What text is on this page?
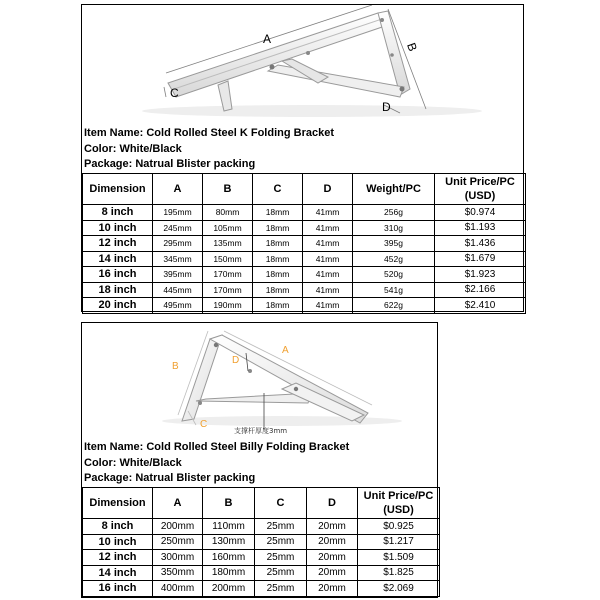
A
B
C
D
Item Name: Cold Rolled Steel K Folding Bracket
Color: White/Black
Package: Natrual Blister packing
Dimension	A	B	C	D	Weight/PC	Unit Price/PC
(USD)

8 inch	195mm	80mm	18mm	41mm	256g	$0.974
10 inch	245mm	105mm	18mm	41mm	310g	$1.193
12 inch	295mm	135mm	18mm	41mm	395g	$1.436
14 inch	345mm	150mm	18mm	41mm	452g	$1.679
16 inch	395mm	170mm	18mm	41mm	520g	$1.923
18 inch	445mm	170mm	18mm	41mm	541g	$2.166
20 inch	495mm	190mm	18mm	41mm	622g	$2.410
B
A
D
C
支撑杆厚度3mm
Item Name: Cold Rolled Steel Billy Folding Bracket
Color: White/Black
Package: Natrual Blister packing
Dimension	A	B	C	D	Unit Price/PC
(USD)

8 inch	200mm	110mm	25mm	20mm	$0.925
10 inch	250mm	130mm	25mm	20mm	$1.217
12 inch	300mm	160mm	25mm	20mm	$1.509
14 inch	350mm	180mm	25mm	20mm	$1.825
16 inch	400mm	200mm	25mm	20mm	$2.069
